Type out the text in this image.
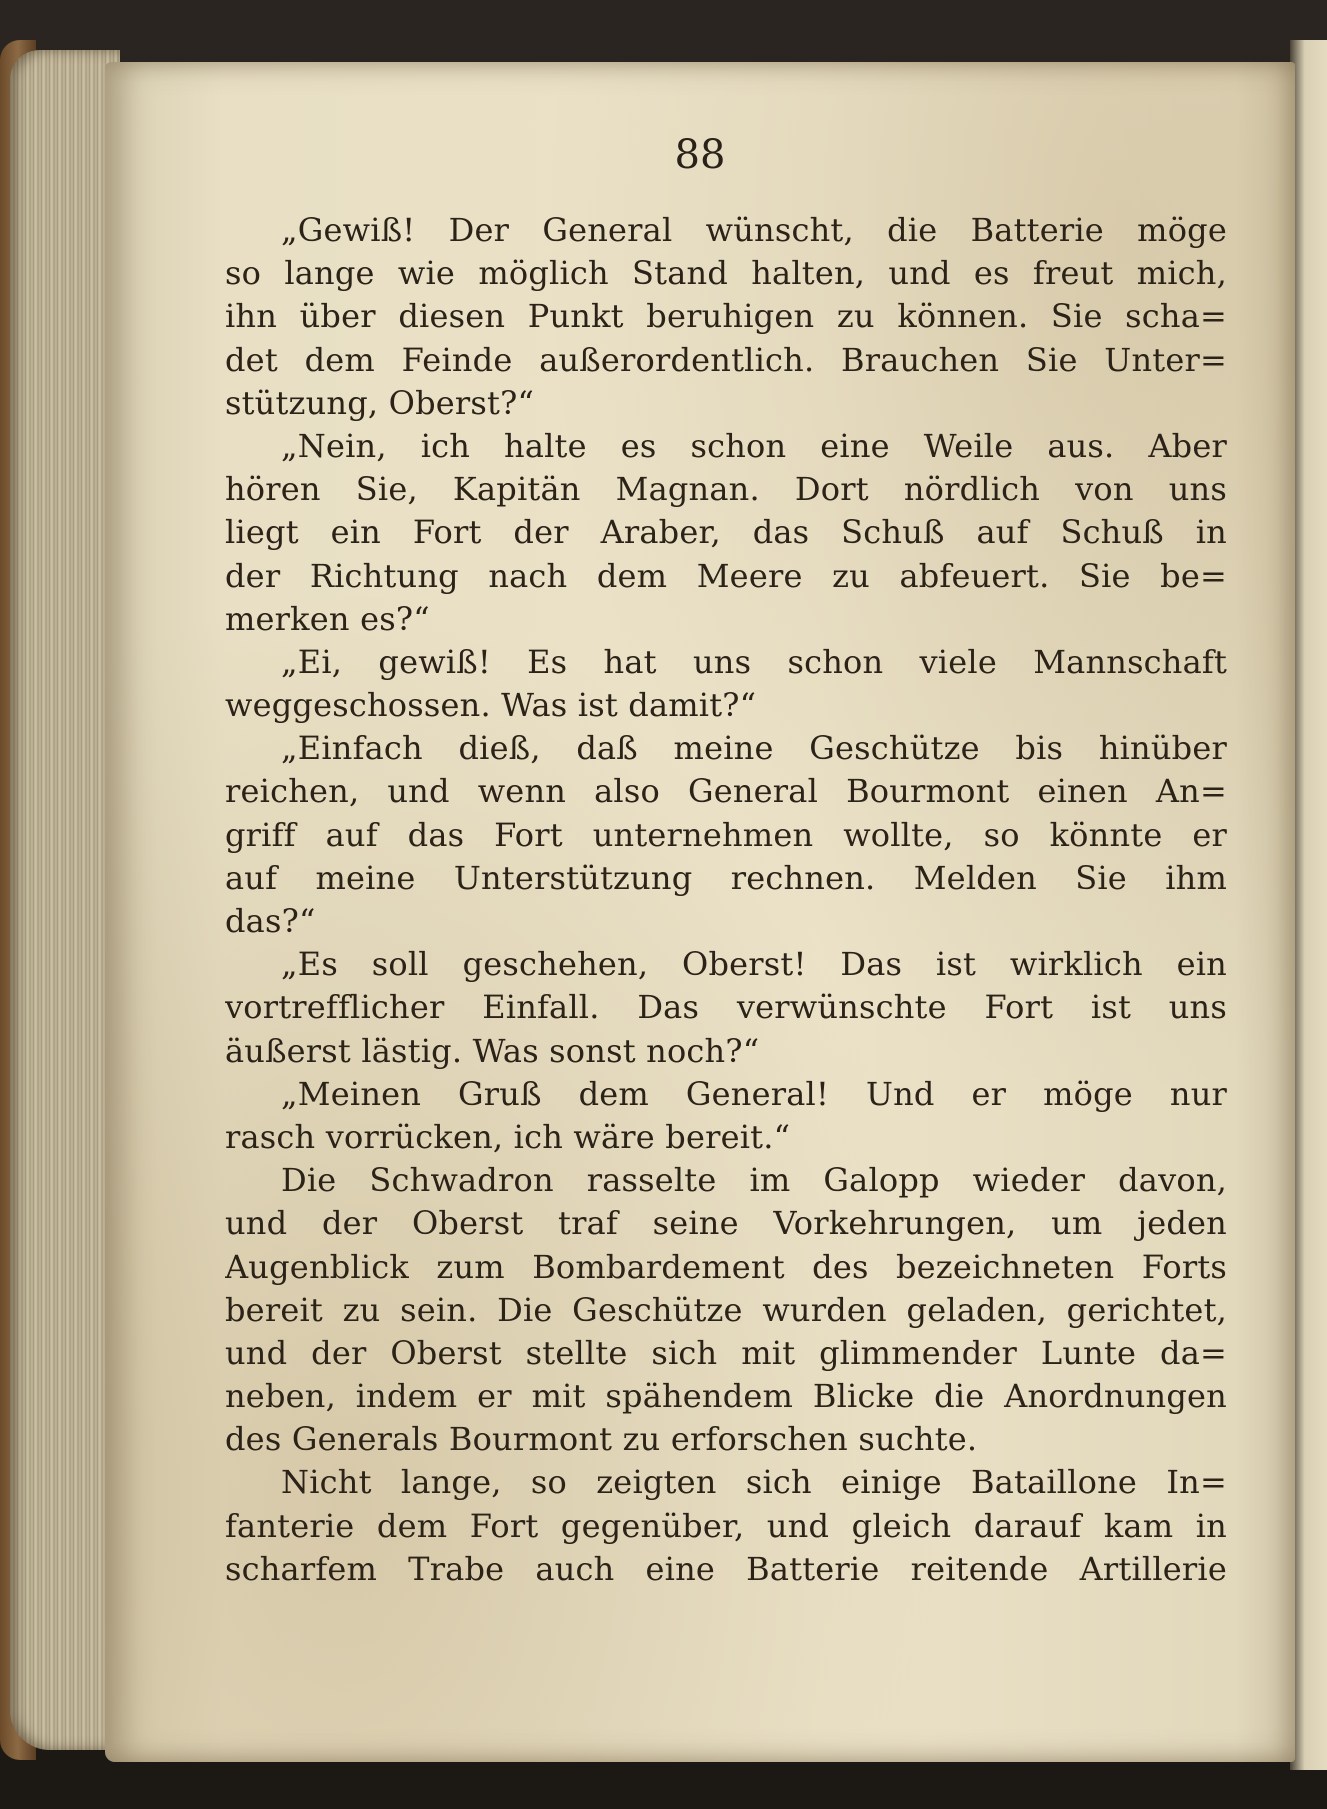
88

„Gewiß! Der General wünscht, die Batterie möge
so lange wie möglich Stand halten, und es freut mich,
ihn über diesen Punkt beruhigen zu können. Sie scha=
det dem Feinde außerordentlich. Brauchen Sie Unter=
stützung, Oberst?“
„Nein, ich halte es schon eine Weile aus. Aber
hören Sie, Kapitän Magnan. Dort nördlich von uns
liegt ein Fort der Araber, das Schuß auf Schuß in
der Richtung nach dem Meere zu abfeuert. Sie be=
merken es?“
„Ei, gewiß! Es hat uns schon viele Mannschaft
weggeschossen. Was ist damit?“
„Einfach dieß, daß meine Geschütze bis hinüber
reichen, und wenn also General Bourmont einen An=
griff auf das Fort unternehmen wollte, so könnte er
auf meine Unterstützung rechnen. Melden Sie ihm
das?“
„Es soll geschehen, Oberst! Das ist wirklich ein
vortrefflicher Einfall. Das verwünschte Fort ist uns
äußerst lästig. Was sonst noch?“
„Meinen Gruß dem General! Und er möge nur
rasch vorrücken, ich wäre bereit.“
Die Schwadron rasselte im Galopp wieder davon,
und der Oberst traf seine Vorkehrungen, um jeden
Augenblick zum Bombardement des bezeichneten Forts
bereit zu sein. Die Geschütze wurden geladen, gerichtet,
und der Oberst stellte sich mit glimmender Lunte da=
neben, indem er mit spähendem Blicke die Anordnungen
des Generals Bourmont zu erforschen suchte.
Nicht lange, so zeigten sich einige Bataillone In=
fanterie dem Fort gegenüber, und gleich darauf kam in
scharfem Trabe auch eine Batterie reitende Artillerie
